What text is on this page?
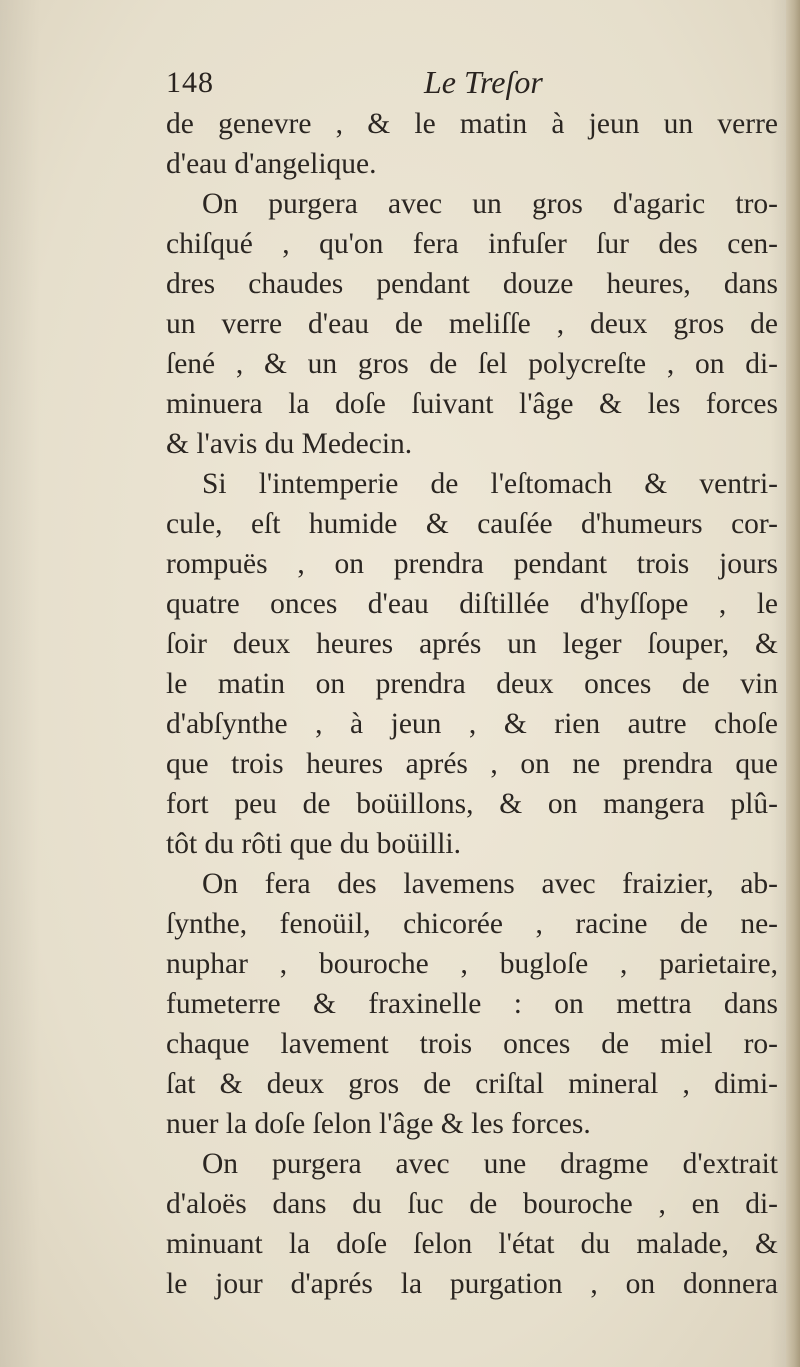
148	Le Treſor
de genevre , & le matin à jeun un verre
d'eau d'angelique.
On purgera avec un gros d'agaric tro-
chiſqué , qu'on fera infuſer ſur des cen-
dres chaudes pendant douze heures, dans
un verre d'eau de meliſſe , deux gros de
ſené , & un gros de ſel polycreſte , on di-
minuera la doſe ſuivant l'âge & les forces
& l'avis du Medecin.
Si l'intemperie de l'eſtomach & ventri-
cule, eſt humide & cauſée d'humeurs cor-
rompuës , on prendra pendant trois jours
quatre onces d'eau diſtillée d'hyſſope , le
ſoir deux heures aprés un leger ſouper, &
le matin on prendra deux onces de vin
d'abſynthe , à jeun , & rien autre choſe
que trois heures aprés , on ne prendra que
fort peu de boüillons, & on mangera plû-
tôt du rôti que du boüilli.
On fera des lavemens avec fraizier, ab-
ſynthe, fenoüil, chicorée , racine de ne-
nuphar , bouroche , bugloſe , parietaire,
fumeterre & fraxinelle : on mettra dans
chaque lavement trois onces de miel ro-
ſat & deux gros de criſtal mineral , dimi-
nuer la doſe ſelon l'âge & les forces.
On purgera avec une dragme d'extrait
d'aloës dans du ſuc de bouroche , en di-
minuant la doſe ſelon l'état du malade, &
le jour d'aprés la purgation , on donnera
